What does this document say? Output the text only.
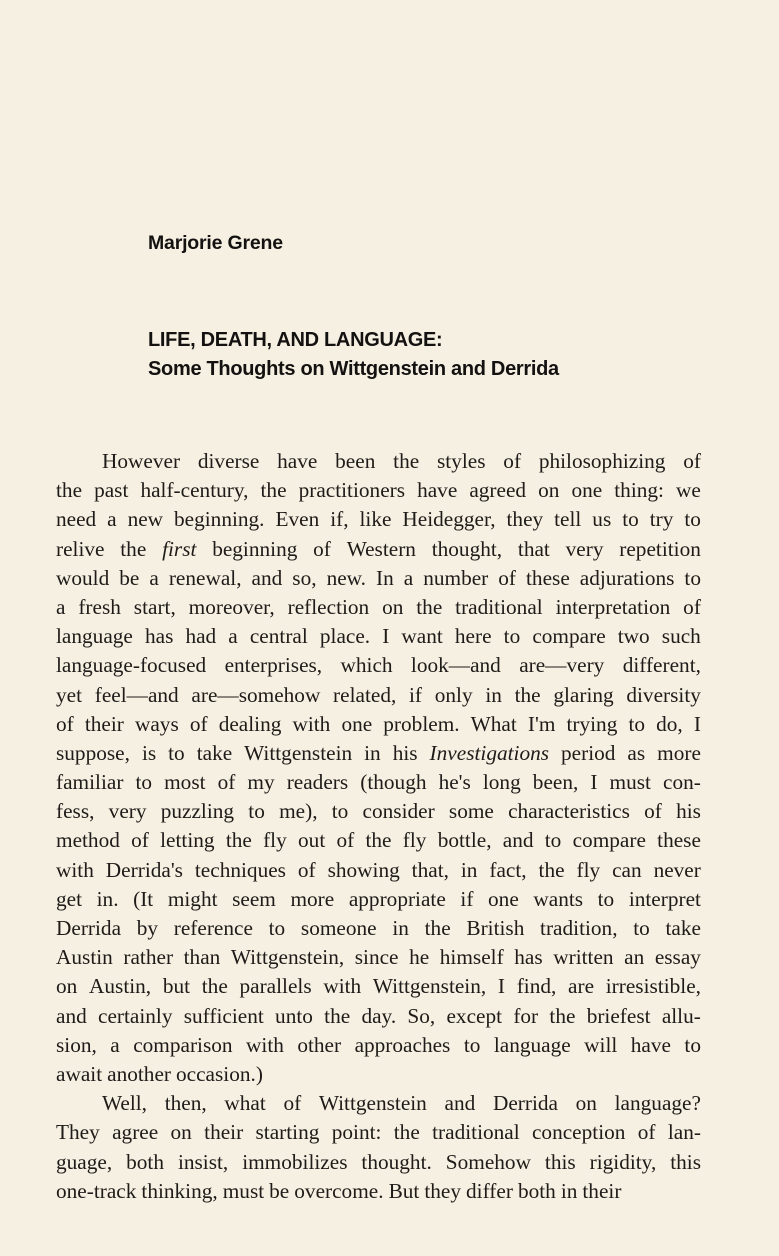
Marjorie Grene
LIFE, DEATH, AND LANGUAGE:
Some Thoughts on Wittgenstein and Derrida
However diverse have been the styles of philosophizing of
the past half-century, the practitioners have agreed on one thing: we
need a new beginning. Even if, like Heidegger, they tell us to try to
relive the first beginning of Western thought, that very repetition
would be a renewal, and so, new. In a number of these adjurations to
a fresh start, moreover, reflection on the traditional interpretation of
language has had a central place. I want here to compare two such
language-focused enterprises, which look—and are—very different,
yet feel—and are—somehow related, if only in the glaring diversity
of their ways of dealing with one problem. What I'm trying to do, I
suppose, is to take Wittgenstein in his Investigations period as more
familiar to most of my readers (though he's long been, I must con-
fess, very puzzling to me), to consider some characteristics of his
method of letting the fly out of the fly bottle, and to compare these
with Derrida's techniques of showing that, in fact, the fly can never
get in. (It might seem more appropriate if one wants to interpret
Derrida by reference to someone in the British tradition, to take
Austin rather than Wittgenstein, since he himself has written an essay
on Austin, but the parallels with Wittgenstein, I find, are irresistible,
and certainly sufficient unto the day. So, except for the briefest allu-
sion, a comparison with other approaches to language will have to
await another occasion.)
Well, then, what of Wittgenstein and Derrida on language?
They agree on their starting point: the traditional conception of lan-
guage, both insist, immobilizes thought. Somehow this rigidity, this
one-track thinking, must be overcome. But they differ both in their
